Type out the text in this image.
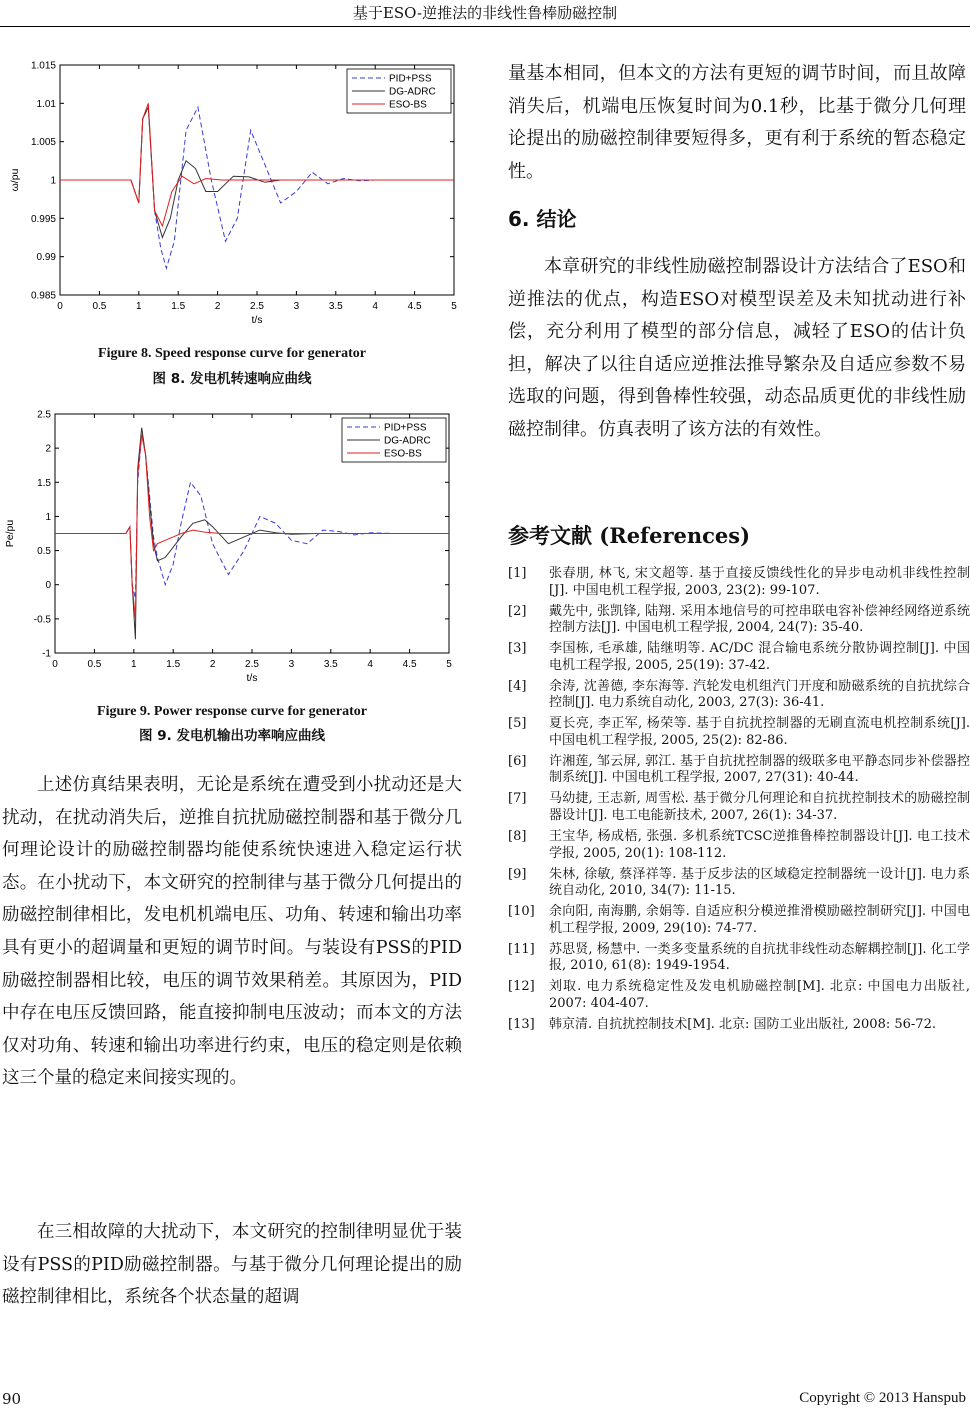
基于ESO-逆推法的非线性鲁棒励磁控制
0	0.5	1	1.5	2	2.5	3	3.5	4	4.5	5
0.985
0.99
0.995
1
1.005
1.01
1.015
t/s
ω/pu
PID+PSS
DG-ADRC
ESO-BS
Figure 8. Speed response curve for generator
图 8. 发电机转速响应曲线
0	0.5	1	1.5	2	2.5	3	3.5	4	4.5	5
-1
-0.5
0
0.5
1
1.5
2
2.5
t/s
Pe/pu
PID+PSS
DG-ADRC
ESO-BS
Figure 9. Power response curve for generator
图 9. 发电机输出功率响应曲线

上述仿真结果表明，无论是系统在遭受到小扰动还是大扰动，在扰动消失后，逆推自抗扰励磁控制器和基于微分几何理论设计的励磁控制器均能使系统快速进入稳定运行状态。在小扰动下，本文研究的控制律与基于微分几何提出的励磁控制律相比，发电机机端电压、功角、转速和输出功率具有更小的超调量和更短的调节时间。与装设有PSS的PID励磁控制器相比较，电压的调节效果稍差。其原因为，PID中存在电压反馈回路，能直接抑制电压波动；而本文的方法仅对功角、转速和输出功率进行约束，电压的稳定则是依赖这三个量的稳定来间接实现的。

在三相故障的大扰动下，本文研究的控制律明显优于装设有PSS的PID励磁控制器。与基于微分几何理论提出的励磁控制律相比，系统各个状态量的超调

量基本相同，但本文的方法有更短的调节时间，而且故障消失后，机端电压恢复时间为0.1秒，比基于微分几何理论提出的励磁控制律要短得多，更有利于系统的暂态稳定性。

6. 结论

本章研究的非线性励磁控制器设计方法结合了ESO和逆推法的优点，构造ESO对模型误差及未知扰动进行补偿，充分利用了模型的部分信息，减轻了ESO的估计负担，解决了以往自适应逆推法推导繁杂及自适应参数不易选取的问题，得到鲁棒性较强，动态品质更优的非线性励磁控制律。仿真表明了该方法的有效性。

参考文献 (References)
[1]	张春朋, 林飞, 宋文超等. 基于直接反馈线性化的异步电动机非线性控制[J]. 中国电机工程学报, 2003, 23(2): 99-107.
[2]	戴先中, 张凯锋, 陆翔. 采用本地信号的可控串联电容补偿神经网络逆系统控制方法[J]. 中国电机工程学报, 2004, 24(7): 35-40.
[3]	李国栋, 毛承雄, 陆继明等. AC/DC 混合输电系统分散协调控制[J]. 中国电机工程学报, 2005, 25(19): 37-42.
[4]	余涛, 沈善德, 李东海等. 汽轮发电机组汽门开度和励磁系统的自抗扰综合控制[J]. 电力系统自动化, 2003, 27(3): 36-41.
[5]	夏长亮, 李正军, 杨荣等. 基于自抗扰控制器的无刷直流电机控制系统[J]. 中国电机工程学报, 2005, 25(2): 82-86.
[6]	许湘莲, 邹云屏, 郭江. 基于自抗扰控制器的级联多电平静态同步补偿器控制系统[J]. 中国电机工程学报, 2007, 27(31): 40-44.
[7]	马幼捷, 王志新, 周雪松. 基于微分几何理论和自抗扰控制技术的励磁控制器设计[J]. 电工电能新技术, 2007, 26(1): 34-37.
[8]	王宝华, 杨成梧, 张强. 多机系统TCSC逆推鲁棒控制器设计[J]. 电工技术学报, 2005, 20(1): 108-112.
[9]	朱林, 徐敏, 蔡泽祥等. 基于反步法的区域稳定控制器统一设计[J]. 电力系统自动化, 2010, 34(7): 11-15.
[10]	余向阳, 南海鹏, 余娟等. 自适应积分模逆推滑模励磁控制研究[J]. 中国电机工程学报, 2009, 29(10): 74-77.
[11]	苏思贤, 杨慧中. 一类多变量系统的自抗扰非线性动态解耦控制[J]. 化工学报, 2010, 61(8): 1949-1954.
[12]	刘取. 电力系统稳定性及发电机励磁控制[M]. 北京: 中国电力出版社, 2007: 404-407.
[13]	韩京清. 自抗扰控制技术[M]. 北京: 国防工业出版社, 2008: 56-72.
90	Copyright © 2013 Hanspub
